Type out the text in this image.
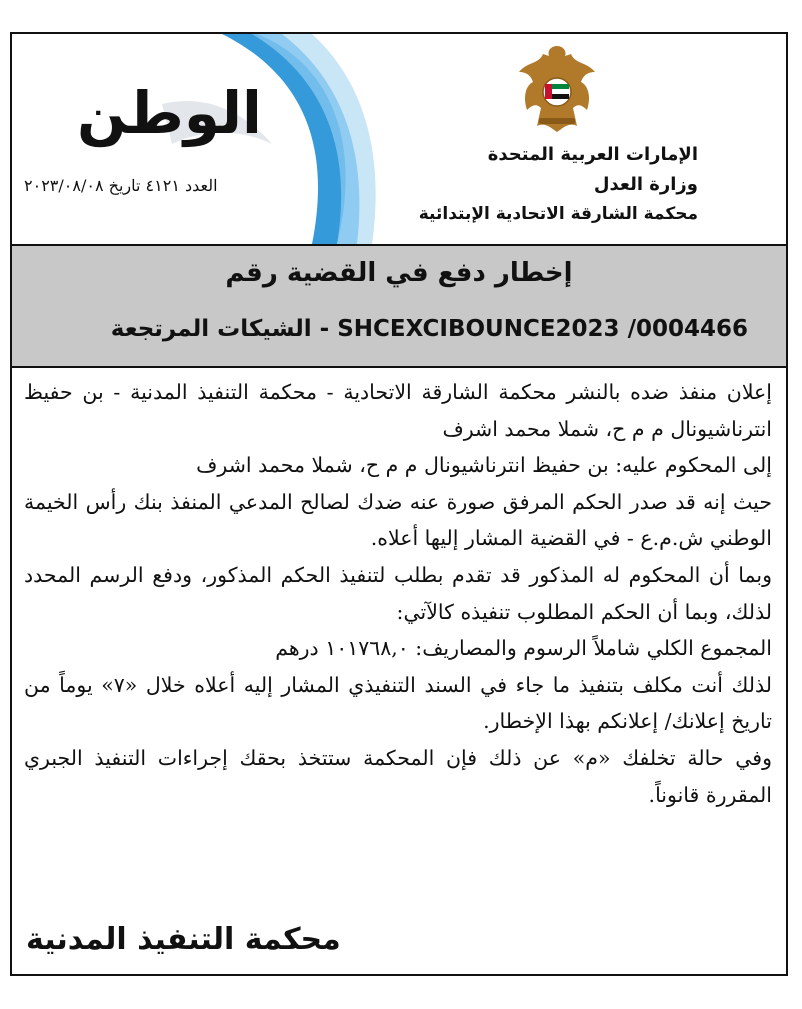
الوطن
العدد ٤١٢١ تاريخ ٢٠٢٣/٠٨/٠٨
الإمارات العربية المتحدة
وزارة العدل
محكمة الشارقة الاتحادية الإبتدائية
إخطار دفع في القضية رقم
SHCEXCIBOUNCE2023 /0004466 - الشيكات المرتجعة

إعلان منفذ ضده بالنشر محكمة الشارقة الاتحادية - محكمة التنفيذ المدنية - بن حفيظ انترناشيونال م م ح، شملا محمد اشرف

إلى المحكوم عليه: بن حفيظ انترناشيونال م م ح، شملا محمد اشرف

حيث إنه قد صدر الحكم المرفق صورة عنه ضدك لصالح المدعي المنفذ بنك رأس الخيمة الوطني ش.م.ع - في القضية المشار إليها أعلاه.

وبما أن المحكوم له المذكور قد تقدم بطلب لتنفيذ الحكم المذكور، ودفع الرسم المحدد لذلك، وبما أن الحكم المطلوب تنفيذه كالآتي:

المجموع الكلي شاملاً الرسوم والمصاريف: ١٠١٧٦٨,٠ درهم

لذلك أنت مكلف بتنفيذ ما جاء في السند التنفيذي المشار إليه أعلاه خلال «٧» يوماً من تاريخ إعلانك/ إعلانكم بهذا الإخطار.

وفي حالة تخلفك «م» عن ذلك فإن المحكمة ستتخذ بحقك إجراءات التنفيذ الجبري المقررة قانوناً.

محكمة التنفيذ المدنية
